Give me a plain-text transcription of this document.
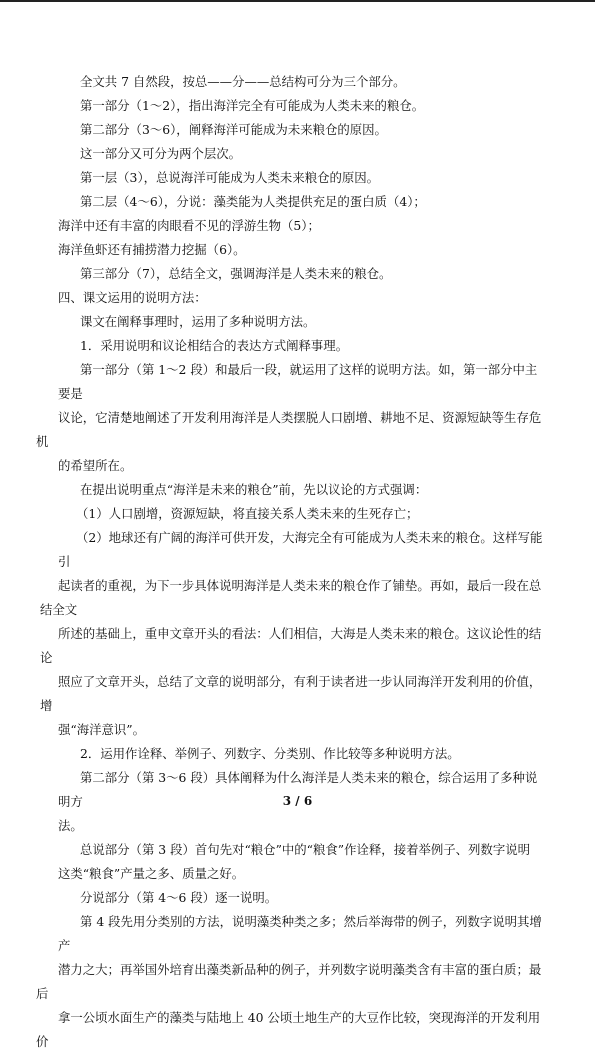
全文共 7 自然段，按总——分——总结构可分为三个部分。

第一部分（1～2），指出海洋完全有可能成为人类未来的粮仓。

第二部分（3～6），阐释海洋可能成为未来粮仓的原因。

这一部分又可分为两个层次。

第一层（3），总说海洋可能成为人类未来粮仓的原因。

第二层（4～6），分说：藻类能为人类提供充足的蛋白质（4）；

海洋中还有丰富的肉眼看不见的浮游生物（5）；

海洋鱼虾还有捕捞潜力挖掘（6）。

第三部分（7），总结全文，强调海洋是人类未来的粮仓。

四、课文运用的说明方法：

课文在阐释事理时，运用了多种说明方法。

1．采用说明和议论相结合的表达方式阐释事理。

第一部分（第 1～2 段）和最后一段，就运用了这样的说明方法。如，第一部分中主要是
议论，它清楚地阐述了开发利用海洋是人类摆脱人口剧增、耕地不足、资源短缺等生存危机
的希望所在。

在提出说明重点“海洋是未来的粮仓”前，先以议论的方式强调：

（1）人口剧增，资源短缺，将直接关系人类未来的生死存亡；

（2）地球还有广阔的海洋可供开发，大海完全有可能成为人类未来的粮仓。这样写能引
起读者的重视，为下一步具体说明海洋是人类未来的粮仓作了铺垫。再如，最后一段在总结全文
所述的基础上，重申文章开头的看法：人们相信，大海是人类未来的粮仓。这议论性的结论
照应了文章开头，总结了文章的说明部分，有利于读者进一步认同海洋开发利用的价值，增
强“海洋意识”。

2．运用作诠释、举例子、列数字、分类别、作比较等多种说明方法。

第二部分（第 3～6 段）具体阐释为什么海洋是人类未来的粮仓，综合运用了多种说明方
法。

总说部分（第 3 段）首句先对“粮仓”中的“粮食”作诠释，接着举例子、列数字说明
这类“粮食”产量之多、质量之好。

分说部分（第 4～6 段）逐一说明。

第 4 段先用分类别的方法，说明藻类种类之多；然后举海带的例子，列数字说明其增产
潜力之大；再举国外培育出藻类新品种的例子，并列数字说明藻类含有丰富的蛋白质；最后
拿一公顷水面生产的藻类与陆地上 40 公顷土地生产的大豆作比较，突现海洋的开发利用价

3 / 6
